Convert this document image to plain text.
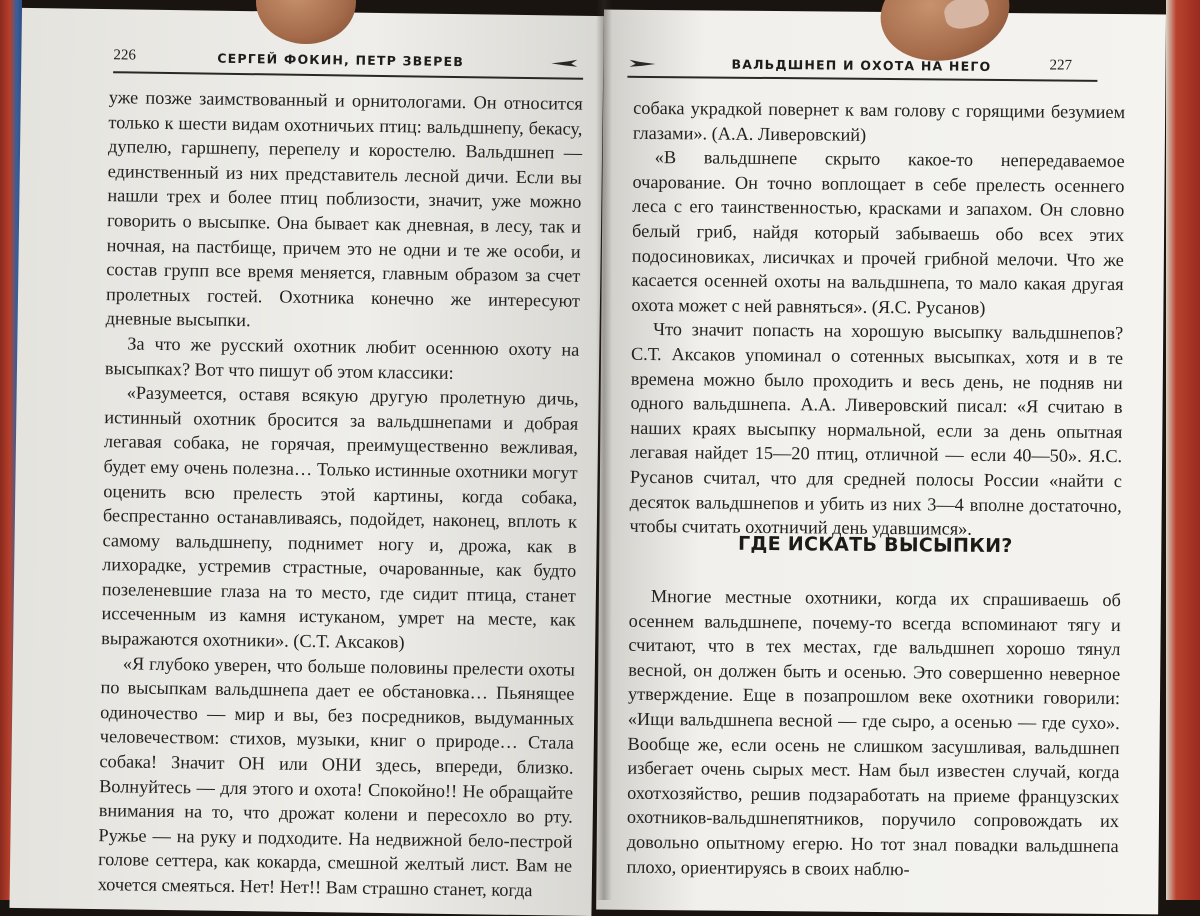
226	СЕРГЕЙ ФОКИН, ПЕТР ЗВЕРЕВ

уже позже заимствованный и орнитологами. Он относится только к шести видам охотничьих птиц: вальдшнепу, бекасу, дупелю, гаршнепу, перепелу и коростелю. Вальдшнеп — единственный из них представитель лесной дичи. Если вы нашли трех и более птиц поблизости, значит, уже можно говорить о высыпке. Она бывает как дневная, в лесу, так и ночная, на пастбище, причем это не одни и те же особи, и состав групп все время меняется, главным образом за счет пролетных гостей. Охотника конечно же интересуют дневные высыпки.

За что же русский охотник любит осеннюю охоту на высыпках? Вот что пишут об этом классики:

«Разумеется, оставя всякую другую пролетную дичь, истинный охотник бросится за вальдшнепами и добрая легавая собака, не горячая, преимущественно вежливая, будет ему очень полезна… Только истинные охотники могут оценить всю прелесть этой картины, когда собака, беспрестанно останавливаясь, подойдет, наконец, вплоть к самому вальдшнепу, поднимет ногу и, дрожа, как в лихорадке, устремив страстные, очарованные, как будто позеленевшие глаза на то место, где сидит птица, станет иссеченным из камня истуканом, умрет на месте, как выражаются охотники». (С.Т. Аксаков)

«Я глубоко уверен, что больше половины прелести охоты по высыпкам вальдшнепа дает ее обстановка… Пьянящее одиночество — мир и вы, без посредников, выдуманных человечеством: стихов, музыки, книг о природе… Стала собака! Значит ОН или ОНИ здесь, впереди, близко. Волнуйтесь — для этого и охота! Спокойно!! Не обращайте внимания на то, что дрожат колени и пересохло во рту. Ружье — на руку и подходите. На недвижной бело-пестрой голове сеттера, как кокарда, смешной желтый лист. Вам не хочется смеяться. Нет! Нет!! Вам страшно станет, когда

ВАЛЬДШНЕП И ОХОТА НА НЕГО	227

собака украдкой повернет к вам голову с горящими безумием глазами». (А.А. Ливеровский)

«В вальдшнепе скрыто какое-то непередаваемое очарование. Он точно воплощает в себе прелесть осеннего леса с его таинственностью, красками и запахом. Он словно белый гриб, найдя который забываешь обо всех этих подосиновиках, лисичках и прочей грибной мелочи. Что же касается осенней охоты на вальдшнепа, то мало какая другая охота может с ней равняться». (Я.С. Русанов)

Что значит попасть на хорошую высыпку вальдшнепов? С.Т. Аксаков упоминал о сотенных высыпках, хотя и в те времена можно было проходить и весь день, не подняв ни одного вальдшнепа. А.А. Ливеровский писал: «Я считаю в наших краях высыпку нормальной, если за день опытная легавая найдет 15—20 птиц, отличной — если 40—50». Я.С. Русанов считал, что для средней полосы России «найти с десяток вальдшнепов и убить из них 3—4 вполне достаточно, чтобы считать охотничий день удавшимся».

ГДЕ ИСКАТЬ ВЫСЫПКИ?

Многие местные охотники, когда их спрашиваешь об осеннем вальдшнепе, почему-то всегда вспоминают тягу и считают, что в тех местах, где вальдшнеп хорошо тянул весной, он должен быть и осенью. Это совершенно неверное утверждение. Еще в позапрошлом веке охотники говорили: «Ищи вальдшнепа весной — где сыро, а осенью — где сухо». Вообще же, если осень не слишком засушливая, вальдшнеп избегает очень сырых мест. Нам был известен случай, когда охотхозяйство, решив подзаработать на приеме французских охотников-вальдшнепятников, поручило сопровождать их довольно опытному егерю. Но тот знал повадки вальдшнепа плохо, ориентируясь в своих наблю-
